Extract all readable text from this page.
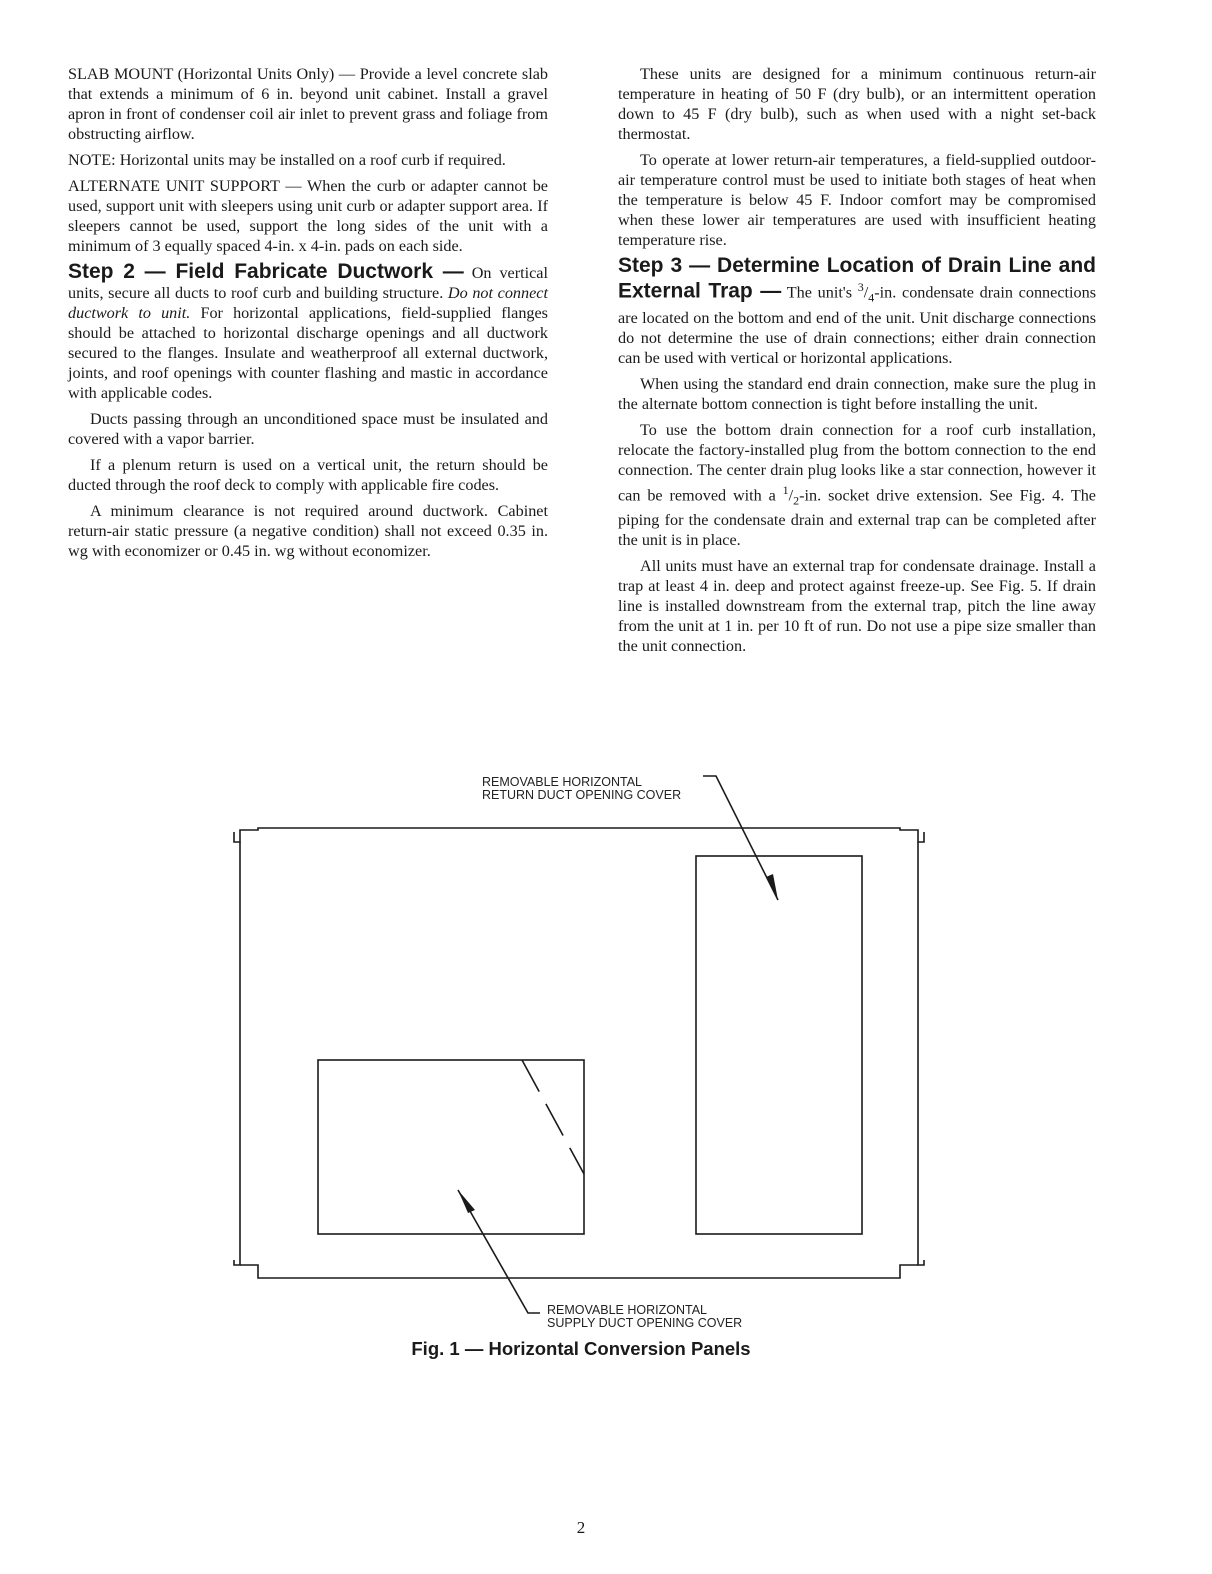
SLAB MOUNT (Horizontal Units Only) — Provide a level concrete slab that extends a minimum of 6 in. beyond unit cabinet. Install a gravel apron in front of condenser coil air inlet to prevent grass and foliage from obstructing airflow.

NOTE: Horizontal units may be installed on a roof curb if required.

ALTERNATE UNIT SUPPORT — When the curb or adapter cannot be used, support unit with sleepers using unit curb or adapter support area. If sleepers cannot be used, support the long sides of the unit with a minimum of 3 equally spaced 4-in. x 4-in. pads on each side.

Step 2 — Field Fabricate Ductwork — On vertical units, secure all ducts to roof curb and building structure. Do not connect ductwork to unit. For horizontal applications, field-supplied flanges should be attached to horizontal discharge openings and all ductwork secured to the flanges. Insulate and weatherproof all external ductwork, joints, and roof openings with counter flashing and mastic in accordance with applicable codes.

Ducts passing through an unconditioned space must be insulated and covered with a vapor barrier.

If a plenum return is used on a vertical unit, the return should be ducted through the roof deck to comply with applicable fire codes.

A minimum clearance is not required around ductwork. Cabinet return-air static pressure (a negative condition) shall not exceed 0.35 in. wg with economizer or 0.45 in. wg without economizer.

These units are designed for a minimum continuous return-air temperature in heating of 50 F (dry bulb), or an intermittent operation down to 45 F (dry bulb), such as when used with a night set-back thermostat.

To operate at lower return-air temperatures, a field-supplied outdoor-air temperature control must be used to initiate both stages of heat when the temperature is below 45 F. Indoor comfort may be compromised when these lower air temperatures are used with insufficient heating temperature rise.

Step 3 — Determine Location of Drain Line and External Trap — The unit's $^3/_4-in$. condensate drain connections are located on the bottom and end of the unit. Unit discharge connections do not determine the use of drain connections; either drain connection can be used with vertical or horizontal applications.

When using the standard end drain connection, make sure the plug in the alternate bottom connection is tight before installing the unit.

To use the bottom drain connection for a roof curb installation, relocate the factory-installed plug from the bottom connection to the end connection. The center drain plug looks like a star connection, however it can be removed with a $^1/_2-in$. socket drive extension. See Fig. 4. The piping for the condensate drain and external trap can be completed after the unit is in place.

All units must have an external trap for condensate drainage. Install a trap at least 4 in. deep and protect against freeze-up. See Fig. 5. If drain line is installed downstream from the external trap, pitch the line away from the unit at 1 in. per 10 ft of run. Do not use a pipe size smaller than the unit connection.

REMOVABLE HORIZONTAL
RETURN DUCT OPENING COVER
REMOVABLE HORIZONTAL
SUPPLY DUCT OPENING COVER
Fig. 1 — Horizontal Conversion Panels
2
